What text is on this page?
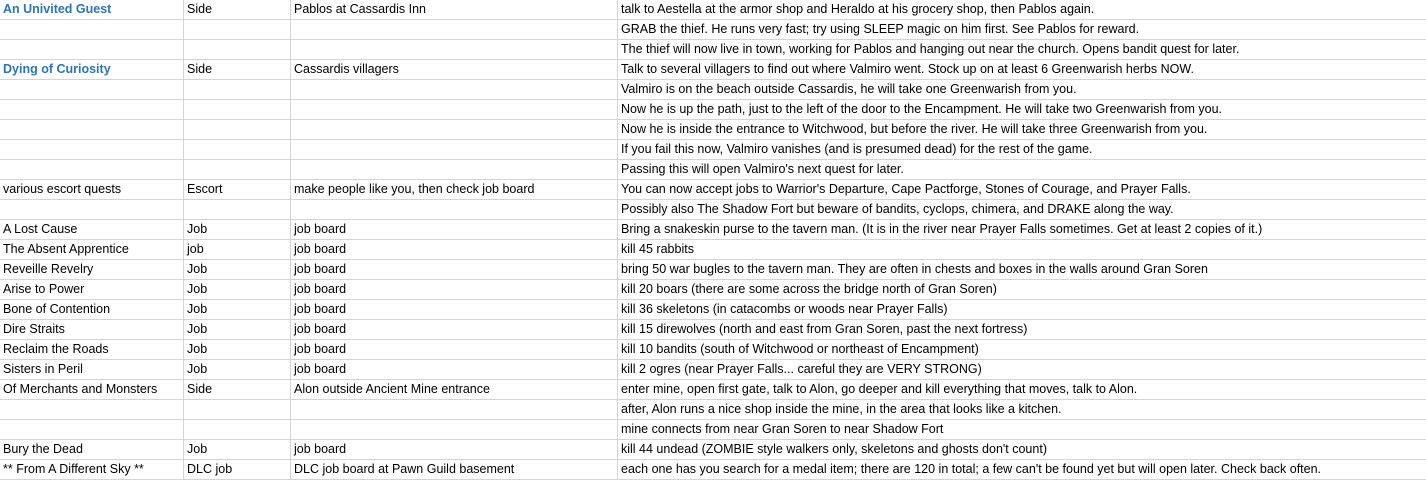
An Univited Guest	Side	Pablos at Cassardis Inn	talk to Aestella at the armor shop and Heraldo at his grocery shop, then Pablos again.
			GRAB the thief. He runs very fast; try using SLEEP magic on him first. See Pablos for reward.
			The thief will now live in town, working for Pablos and hanging out near the church. Opens bandit quest for later.
Dying of Curiosity	Side	Cassardis villagers	Talk to several villagers to find out where Valmiro went. Stock up on at least 6 Greenwarish herbs NOW.
			Valmiro is on the beach outside Cassardis, he will take one Greenwarish from you.
			Now he is up the path, just to the left of the door to the Encampment. He will take two Greenwarish from you.
			Now he is inside the entrance to Witchwood, but before the river. He will take three Greenwarish from you.
			If you fail this now, Valmiro vanishes (and is presumed dead) for the rest of the game.
			Passing this will open Valmiro's next quest for later.
various escort quests	Escort	make people like you, then check job board	You can now accept jobs to Warrior's Departure, Cape Pactforge, Stones of Courage, and Prayer Falls.
			Possibly also The Shadow Fort but beware of bandits, cyclops, chimera, and DRAKE along the way.
A Lost Cause	Job	job board	Bring a snakeskin purse to the tavern man. (It is in the river near Prayer Falls sometimes. Get at least 2 copies of it.)
The Absent Apprentice	job	job board	kill 45 rabbits
Reveille Revelry	Job	job board	bring 50 war bugles to the tavern man. They are often in chests and boxes in the walls around Gran Soren
Arise to Power	Job	job board	kill 20 boars (there are some across the bridge north of Gran Soren)
Bone of Contention	Job	job board	kill 36 skeletons (in catacombs or woods near Prayer Falls)
Dire Straits	Job	job board	kill 15 direwolves (north and east from Gran Soren, past the next fortress)
Reclaim the Roads	Job	job board	kill 10 bandits (south of Witchwood or northeast of Encampment)
Sisters in Peril	Job	job board	kill 2 ogres (near Prayer Falls... careful they are VERY STRONG)
Of Merchants and Monsters	Side	Alon outside Ancient Mine entrance	enter mine, open first gate, talk to Alon, go deeper and kill everything that moves, talk to Alon.
			after, Alon runs a nice shop inside the mine, in the area that looks like a kitchen.
			mine connects from near Gran Soren to near Shadow Fort
Bury the Dead	Job	job board	kill 44 undead (ZOMBIE style walkers only, skeletons and ghosts don't count)
** From A Different Sky **	DLC job	DLC job board at Pawn Guild basement	each one has you search for a medal item; there are 120 in total; a few can't be found yet but will open later. Check back often.
